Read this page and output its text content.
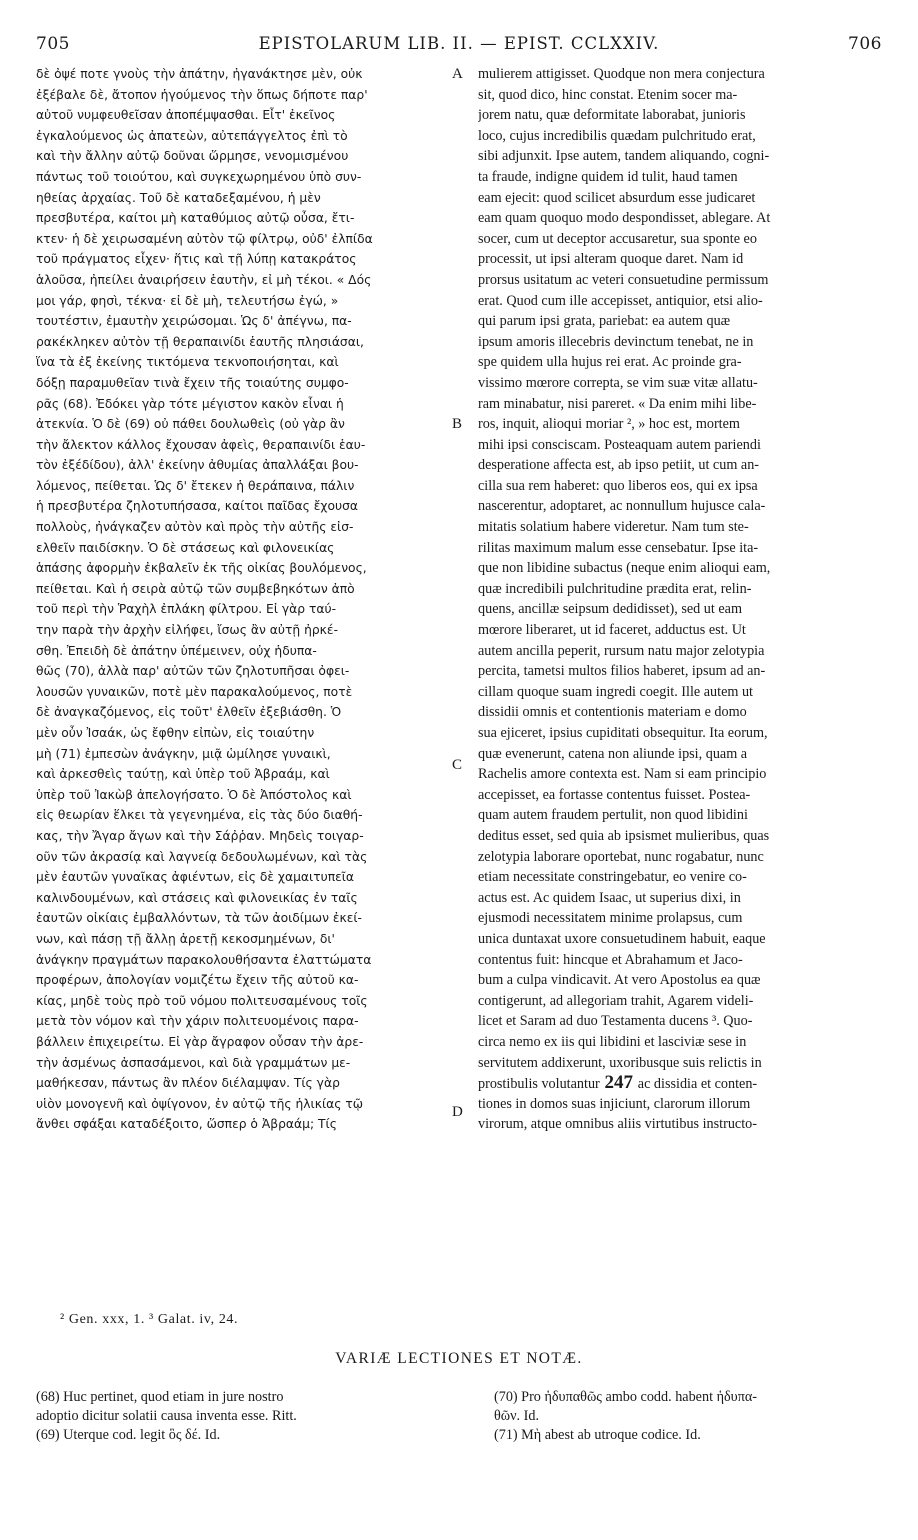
705	EPISTOLARUM LIB. II. — EPIST. CCLXXIV.	706
δὲ ὀψέ ποτε γνοὺς τὴν ἀπάτην, ἠγανάκτησε μὲν, οὐκ
ἐξέβαλε δὲ, ἄτοπον ἡγούμενος τὴν ὅπως δήποτε παρ'
αὐτοῦ νυμφευθεῖσαν ἀποπέμψασθαι. Εἶτ' ἐκεῖνος
ἐγκαλούμενος ὡς ἀπατεὼν, αὐτεπάγγελτος ἐπὶ τὸ
καὶ τὴν ἄλλην αὐτῷ δοῦναι ὥρμησε, νενομισμένου
πάντως τοῦ τοιούτου, καὶ συγκεχωρημένου ὑπὸ συν-
ηθείας ἀρχαίας. Τοῦ δὲ καταδεξαμένου, ἡ μὲν
πρεσβυτέρα, καίτοι μὴ καταθύμιος αὐτῷ οὖσα, ἔτι-
κτεν· ἡ δὲ χειρωσαμένη αὐτὸν τῷ φίλτρῳ, οὐδ' ἐλπίδα
τοῦ πράγματος εἶχεν· ἥτις καὶ τῇ λύπῃ κατακράτος
ἁλοῦσα, ἠπείλει ἀναιρήσειν ἑαυτὴν, εἰ μὴ τέκοι. « Δός
μοι γάρ, φησὶ, τέκνα· εἰ δὲ μὴ, τελευτήσω ἐγώ, »
τουτέστιν, ἐμαυτὴν χειρώσομαι. Ὡς δ' ἀπέγνω, πα-
ρακέκληκεν αὐτὸν τῇ θεραπαινίδι ἑαυτῆς πλησιάσαι,
ἵνα τὰ ἐξ ἐκείνης τικτόμενα τεκνοποιήσηται, καὶ
δόξῃ παραμυθεῖαν τινὰ ἔχειν τῆς τοιαύτης συμφο-
ρᾶς (68). Ἐδόκει γὰρ τότε μέγιστον κακὸν εἶναι ἡ
ἀτεκνία. Ὁ δὲ (69) οὐ πάθει δουλωθεὶς (οὐ γὰρ ἂν
τὴν ἄλεκτον κάλλος ἔχουσαν ἀφεὶς, θεραπαινίδι ἑαυ-
τὸν ἐξέδίδου), ἀλλ' ἐκείνην ἀθυμίας ἀπαλλάξαι βου-
λόμενος, πείθεται. Ὡς δ' ἔτεκεν ἡ θεράπαινα, πάλιν
ἡ πρεσβυτέρα ζηλοτυπήσασα, καίτοι παῖδας ἔχουσα
πολλοὺς, ἠνάγκαζεν αὐτὸν καὶ πρὸς τὴν αὐτῆς εἰσ-
ελθεῖν παιδίσκην. Ὁ δὲ στάσεως καὶ φιλονεικίας
ἁπάσης ἀφορμὴν ἐκβαλεῖν ἐκ τῆς οἰκίας βουλόμενος,
πείθεται. Καὶ ἡ σειρὰ αὐτῷ τῶν συμβεβηκότων ἀπὸ
τοῦ περὶ τὴν Ῥαχὴλ ἐπλάκη φίλτρου. Εἰ γὰρ ταύ-
την παρὰ τὴν ἀρχὴν εἰλήφει, ἴσως ἂν αὐτῇ ἠρκέ-
σθη. Ἐπειδὴ δὲ ἀπάτην ὑπέμεινεν, οὐχ ἡδυπα-
θῶς (70), ἀλλὰ παρ' αὐτῶν τῶν ζηλοτυπῆσαι ὀφει-
λουσῶν γυναικῶν, ποτὲ μὲν παρακαλούμενος, ποτὲ
δὲ ἀναγκαζόμενος, εἰς τοῦτ' ἐλθεῖν ἐξεβιάσθη. Ὁ
μὲν οὖν Ἰσαάκ, ὡς ἔφθην εἰπὼν, εἰς τοιαύτην
μὴ (71) ἐμπεσὼν ἀνάγκην, μιᾷ ὡμίλησε γυναικὶ,
καὶ ἀρκεσθεὶς ταύτῃ, καὶ ὑπὲρ τοῦ Ἀβραάμ, καὶ
ὑπὲρ τοῦ Ἰακὼβ ἀπελογήσατο. Ὁ δὲ Ἀπόστολος καὶ
εἰς θεωρίαν ἕλκει τὰ γεγενημένα, εἰς τὰς δύο διαθή-
κας, τὴν Ἄγαρ ἄγων καὶ τὴν Σάῤῥαν. Μηδεὶς τοιγαρ-
οῦν τῶν ἀκρασίᾳ καὶ λαγνείᾳ δεδουλωμένων, καὶ τὰς
μὲν ἑαυτῶν γυναῖκας ἀφιέντων, εἰς δὲ χαμαιτυπεῖα
καλινδουμένων, καὶ στάσεις καὶ φιλονεικίας ἐν ταῖς
ἑαυτῶν οἰκίαις ἐμβαλλόντων, τὰ τῶν ἀοιδίμων ἐκεί-
νων, καὶ πάσῃ τῇ ἄλλῃ ἀρετῇ κεκοσμημένων, δι'
ἀνάγκην πραγμάτων παρακολουθήσαντα ἐλαττώματα
προφέρων, ἀπολογίαν νομιζέτω ἔχειν τῆς αὐτοῦ κα-
κίας, μηδὲ τοὺς πρὸ τοῦ νόμου πολιτευσαμένους τοῖς
μετὰ τὸν νόμον καὶ τὴν χάριν πολιτευομένοις παρα-
βάλλειν ἐπιχειρείτω. Εἰ γὰρ ἄγραφον οὖσαν τὴν ἀρε-
τὴν ἀσμένως ἀσπασάμενοι, καὶ διὰ γραμμάτων με-
μαθήκεσαν, πάντως ἂν πλέον διέλαμψαν. Τίς γὰρ
υἱὸν μονογενῆ καὶ ὀψίγονον, ἐν αὐτῷ τῆς ἡλικίας τῷ
ἄνθει σφάξαι καταδέξοιτο, ὥσπερ ὁ Ἀβραάμ; Τίς
A
B
C
D
mulierem attigisset. Quodque non mera conjectura
sit, quod dico, hinc constat. Etenim socer ma-
jorem natu, quæ deformitate laborabat, junioris
loco, cujus incredibilis quædam pulchritudo erat,
sibi adjunxit. Ipse autem, tandem aliquando, cogni-
ta fraude, indigne quidem id tulit, haud tamen
eam ejecit: quod scilicet absurdum esse judicaret
eam quam quoquo modo despondisset, ablegare. At
socer, cum ut deceptor accusaretur, sua sponte eo
processit, ut ipsi alteram quoque daret. Nam id
prorsus usitatum ac veteri consuetudine permissum
erat. Quod cum ille accepisset, antiquior, etsi alio-
qui parum ipsi grata, pariebat: ea autem quæ
ipsum amoris illecebris devinctum tenebat, ne in
spe quidem ulla hujus rei erat. Ac proinde gra-
vissimo mœrore correpta, se vim suæ vitæ allatu-
ram minabatur, nisi pareret. « Da enim mihi libe-
ros, inquit, alioqui moriar ², » hoc est, mortem
mihi ipsi consciscam. Posteaquam autem pariendi
desperatione affecta est, ab ipso petiit, ut cum an-
cilla sua rem haberet: quo liberos eos, qui ex ipsa
nascerentur, adoptaret, ac nonnullum hujusce cala-
mitatis solatium habere videretur. Nam tum ste-
rilitas maximum malum esse censebatur. Ipse ita-
que non libidine subactus (neque enim alioqui eam,
quæ incredibili pulchritudine prædita erat, relin-
quens, ancillæ seipsum dedidisset), sed ut eam
mœrore liberaret, ut id faceret, adductus est. Ut
autem ancilla peperit, rursum natu major zelotypia
percita, tametsi multos filios haberet, ipsum ad an-
cillam quoque suam ingredi coegit. Ille autem ut
dissidii omnis et contentionis materiam e domo
sua ejiceret, ipsius cupiditati obsequitur. Ita eorum,
quæ evenerunt, catena non aliunde ipsi, quam a
Rachelis amore contexta est. Nam si eam principio
accepisset, ea fortasse contentus fuisset. Postea-
quam autem fraudem pertulit, non quod libidini
deditus esset, sed quia ab ipsismet mulieribus, quas
zelotypia laborare oportebat, nunc rogabatur, nunc
etiam necessitate constringebatur, eo venire co-
actus est. Ac quidem Isaac, ut superius dixi, in
ejusmodi necessitatem minime prolapsus, cum
unica duntaxat uxore consuetudinem habuit, eaque
contentus fuit: hincque et Abrahamum et Jaco-
bum a culpa vindicavit. At vero Apostolus ea quæ
contigerunt, ad allegoriam trahit, Agarem videli-
licet et Saram ad duo Testamenta ducens ³. Quo-
circa nemo ex iis qui libidini et lasciviæ sese in
servitutem addixerunt, uxoribusque suis relictis in
prostibulis volutantur 247 ac dissidia et conten-
tiones in domos suas injiciunt, clarorum illorum
virorum, atque omnibus aliis virtutibus instructo-
² Gen. xxx, 1. ³ Galat. iv, 24.
VARIÆ LECTIONES ET NOTÆ.
(68) Huc pertinet, quod etiam in jure nostro
adoptio dicitur solatii causa inventa esse. Ritt.
(69) Uterque cod. legit ὃς δέ. Id.
(70) Pro ἡδυπαθῶς ambo codd. habent ἡδυπα-
θῶν. Id.
(71) Μὴ abest ab utroque codice. Id.
